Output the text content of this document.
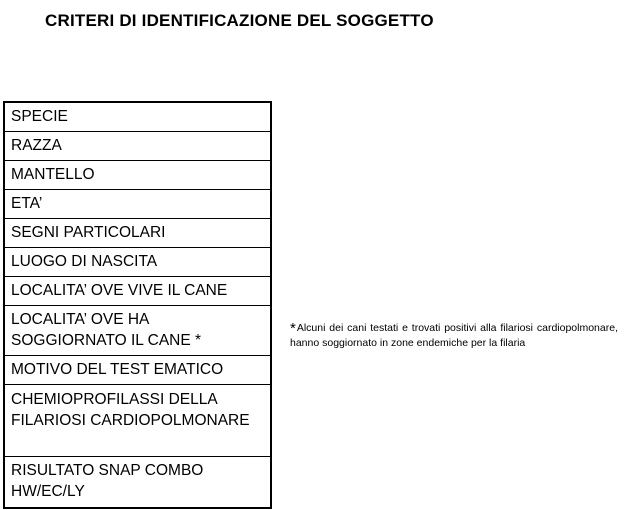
CRITERI DI IDENTIFICAZIONE DEL SOGGETTO
SPECIE
RAZZA
MANTELLO
ETA’
SEGNI PARTICOLARI
LUOGO DI NASCITA
LOCALITA’ OVE VIVE IL CANE
LOCALITA’ OVE HA SOGGIORNATO IL CANE *
MOTIVO DEL TEST EMATICO
CHEMIOPROFILASSI DELLA FILARIOSI CARDIOPOLMONARE
RISULTATO SNAP COMBO HW/EC/LY
*Alcuni dei cani testati e trovati positivi alla filariosi cardiopolmonare, hanno soggiornato in zone endemiche per la filaria
